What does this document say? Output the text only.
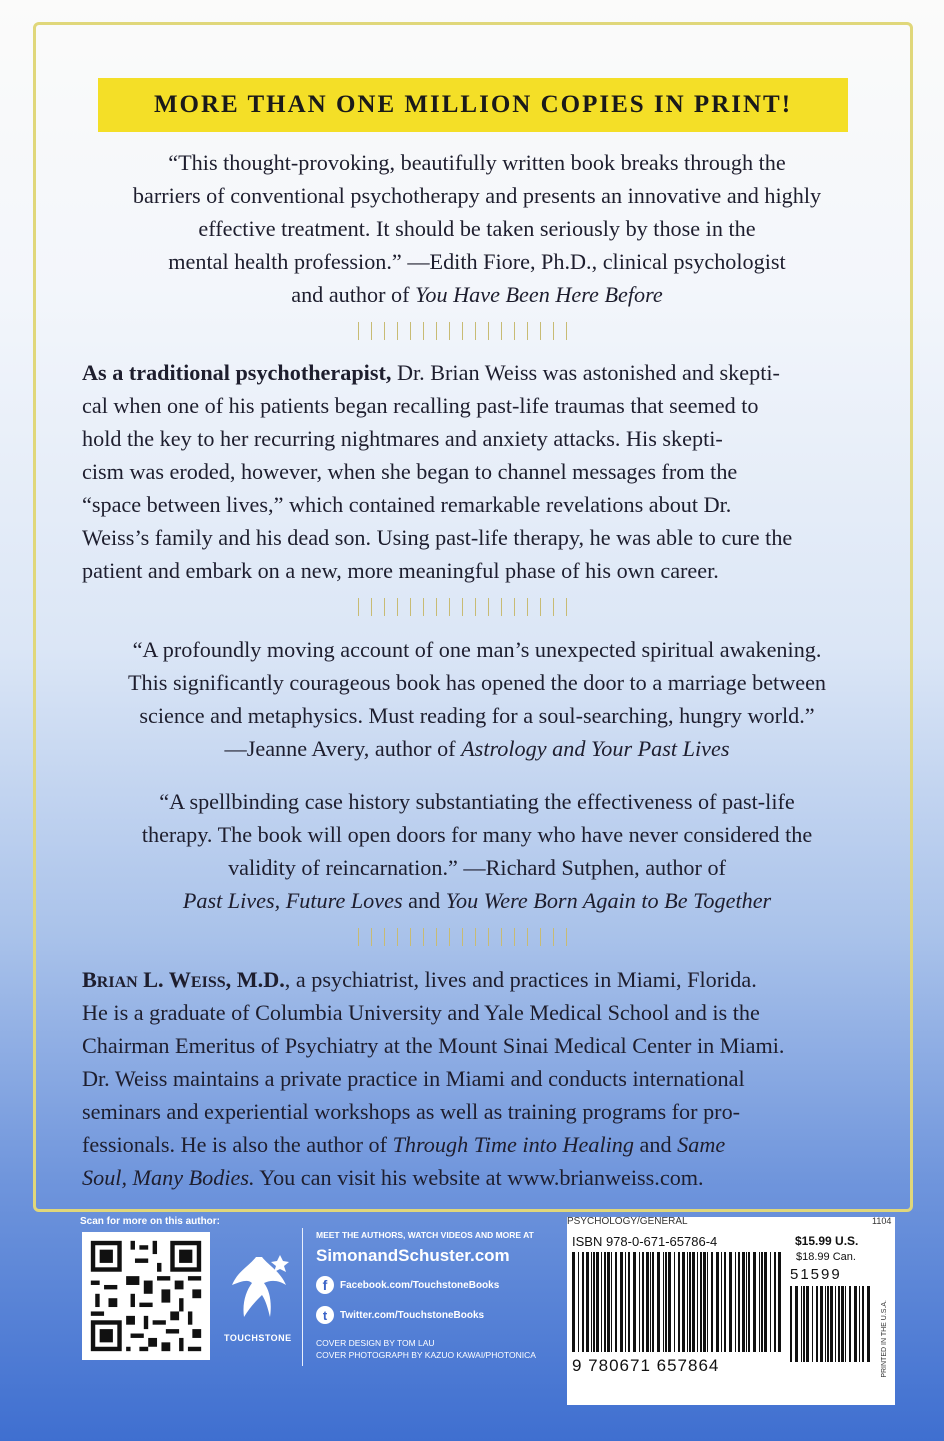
MORE THAN ONE MILLION COPIES IN PRINT!
“This thought-provoking, beautifully written book breaks through the
barriers of conventional psychotherapy and presents an innovative and highly
effective treatment. It should be taken seriously by those in the
mental health profession.” —Edith Fiore, Ph.D., clinical psychologist
and author of You Have Been Here Before
As a traditional psychotherapist, Dr. Brian Weiss was astonished and skepti-
cal when one of his patients began recalling past-life traumas that seemed to
hold the key to her recurring nightmares and anxiety attacks. His skepti-
cism was eroded, however, when she began to channel messages from the
“space between lives,” which contained remarkable revelations about Dr.
Weiss’s family and his dead son. Using past-life therapy, he was able to cure the
patient and embark on a new, more meaningful phase of his own career.
“A profoundly moving account of one man’s unexpected spiritual awakening.
This significantly courageous book has opened the door to a marriage between
science and metaphysics. Must reading for a soul-searching, hungry world.”
—Jeanne Avery, author of Astrology and Your Past Lives
“A spellbinding case history substantiating the effectiveness of past-life
therapy. The book will open doors for many who have never considered the
validity of reincarnation.” —Richard Sutphen, author of
Past Lives, Future Loves and You Were Born Again to Be Together
Brian L. Weiss, M.D., a psychiatrist, lives and practices in Miami, Florida.
He is a graduate of Columbia University and Yale Medical School and is the
Chairman Emeritus of Psychiatry at the Mount Sinai Medical Center in Miami.
Dr. Weiss maintains a private practice in Miami and conducts international
seminars and experiential workshops as well as training programs for pro-
fessionals. He is also the author of Through Time into Healing and Same
Soul, Many Bodies. You can visit his website at www.brianweiss.com.
Scan for more on this author:
TOUCHSTONE
MEET THE AUTHORS, WATCH VIDEOS AND MORE AT
SimonandSchuster.com
f	Facebook.com/TouchstoneBooks
t	Twitter.com/TouchstoneBooks
COVER DESIGN BY TOM LAU
COVER PHOTOGRAPH BY KAZUO KAWAI/PHOTONICA
PSYCHOLOGY/GENERAL	1104
ISBN 978-0-671-65786-4	$15.99 U.S.
$18.99 Can.
9 780671 657864
51599
PRINTED IN THE U.S.A.
